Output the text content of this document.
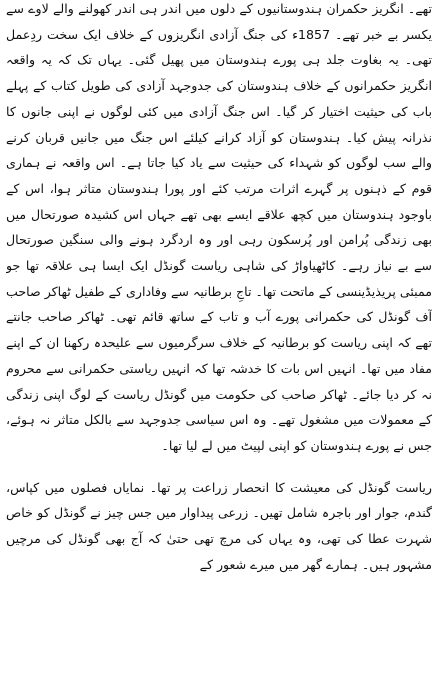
تھے۔ انگریز حکمران ہندوستانیوں کے دلوں میں اندر ہی اندر کھولنے والے لاوے سے یکسر بے خبر تھے۔ 1857ء کی جنگ آزادی انگریزوں کے خلاف ایک سخت ردِعمل تھی۔ یہ بغاوت جلد ہی پورے ہندوستان میں پھیل گئی۔ یہاں تک کہ یہ واقعہ انگریز حکمرانوں کے خلاف ہندوستان کی جدوجہد آزادی کی طویل کتاب کے پہلے باب کی حیثیت اختیار کر گیا۔ اس جنگ آزادی میں کئی لوگوں نے اپنی جانوں کا نذرانہ پیش کیا۔ ہندوستان کو آزاد کرانے کیلئے اس جنگ میں جانیں قربان کرنے والے سب لوگوں کو شہداء کی حیثیت سے یاد کیا جاتا ہے۔ اس واقعہ نے ہماری قوم کے ذہنوں پر گہرے اثرات مرتب کئے اور پورا ہندوستان متاثر ہوا، اس کے باوجود ہندوستان میں کچھ علاقے ایسے بھی تھے جہاں اس کشیدہ صورتحال میں بھی زندگی پُرامن اور پُرسکون رہی اور وہ اردگرد ہونے والی سنگین صورتحال سے بے نیاز رہے۔ کاٹھیاواڑ کی شاہی ریاست گونڈل ایک ایسا ہی علاقہ تھا جو ممبئی پریذیڈینسی کے ماتحت تھا۔ تاجِ برطانیہ سے وفاداری کے طفیل ٹھاکر صاحب آف گونڈل کی حکمرانی پورے آب و تاب کے ساتھ قائم تھی۔ ٹھاکر صاحب جانتے تھے کہ اپنی ریاست کو برطانیہ کے خلاف سرگرمیوں سے علیحدہ رکھنا ان کے اپنے مفاد میں تھا۔ انہیں اس بات کا خدشہ تھا کہ انہیں ریاستی حکمرانی سے محروم نہ کر دیا جائے۔ ٹھاکر صاحب کی حکومت میں گونڈل ریاست کے لوگ اپنی زندگی کے معمولات میں مشغول تھے۔ وہ اس سیاسی جدوجہد سے بالکل متاثر نہ ہوئے، جس نے پورے ہندوستان کو اپنی لپیٹ میں لے لیا تھا۔

ریاست گونڈل کی معیشت کا انحصار زراعت پر تھا۔ نمایاں فصلوں میں کپاس، گندم، جوار اور باجرہ شامل تھیں۔ زرعی پیداوار میں جس چیز نے گونڈل کو خاص شہرت عطا کی تھی، وہ یہاں کی مرچ تھی حتیٰ کہ آج بھی گونڈل کی مرچیں مشہور ہیں۔ ہمارے گھر میں میرے شعور کے
